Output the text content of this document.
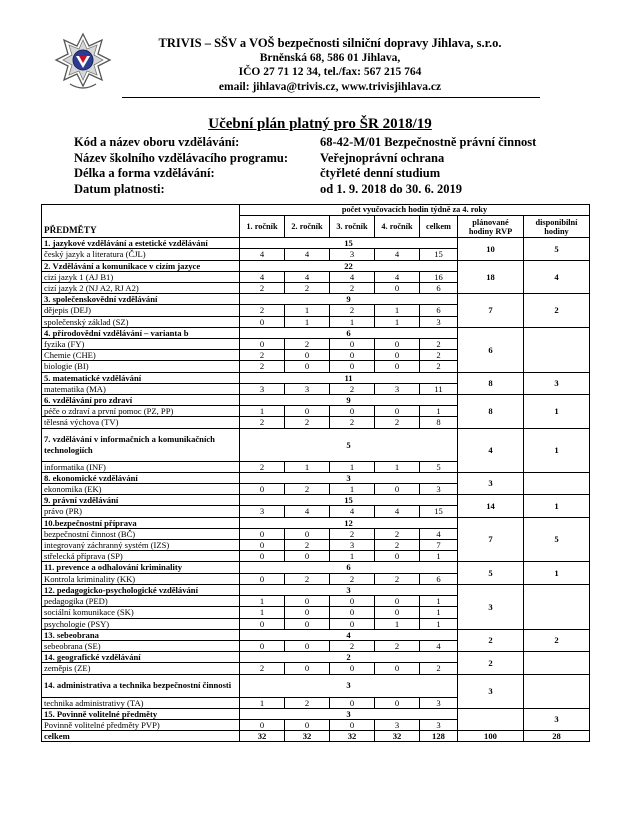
TRIVIS – SŠV a VOŠ bezpečnosti silniční dopravy Jihlava, s.r.o.
Brněnská 68, 586 01 Jihlava,
IČO 27 71 12 34, tel./fax: 567 215 764
email: jihlava@trivis.cz, www.trivisjihlava.cz
Učební plán platný pro ŠR 2018/19
Kód a název oboru vzdělávání:	68-42-M/01 Bezpečnostně právní činnost
Název školního vzdělávacího programu:	Veřejnoprávní ochrana
Délka a forma vzdělávání:	čtyřleté denní studium
Datum platnosti:	od 1. 9. 2018 do 30. 6. 2019
PŘEDMĚTY	počet vyučovacích hodin týdně za 4. roky						
	1. ročník	2. ročník	3. ročník	4. ročník	celkem	plánované hodiny RVP	disponibilní hodiny
1. jazykové vzdělávání a estetické vzdělávání	15					10	5
český jazyk a literatura (ČJL)	4	4	3	4	15		
2. Vzdělávání a komunikace v cizím jazyce	22					18	4
cizí jazyk 1 (AJ B1)	4	4	4	4	16		
cizí jazyk 2 (NJ A2, RJ A2)	2	2	2	0	6		
3. společenskovědní vzdělávání	9					7	2
dějepis (DEJ)	2	1	2	1	6		
společenský základ (SZ)	0	1	1	1	3		
4. přírodovědní vzdělávání – varianta b	6					6	
fyzika (FY)	0	2	0	0	2		
Chemie (CHE)	2	0	0	0	2		
biologie (BI)	2	0	0	0	2		
5. matematické vzdělávání	11					8	3
matematika (MA)	3	3	2	3	11		
6. vzdělávání pro zdraví	9					8	1
péče o zdraví a první pomoc (PZ, PP)	1	0	0	0	1		
tělesná výchova (TV)	2	2	2	2	8		
7. vzdělávání v informačních a komunikačních technologiích	5					4	1
informatika (INF)	2	1	1	1	5		
8. ekonomické vzdělávání	3					3	
ekonomika (EK)	0	2	1	0	3		
9. právní vzdělávání	15					14	1
právo (PR)	3	4	4	4	15		
10.bezpečnostní příprava	12					7	5
bezpečnostní činnost (BČ)	0	0	2	2	4		
integrovaný záchranný systém (IZS)	0	2	3	2	7		
střelecká příprava (SP)	0	0	1	0	1		
11. prevence a odhalování kriminality	6					5	1
Kontrola kriminality (KK)	0	2	2	2	6		
12. pedagogicko-psychologické vzdělávání	3					3	
pedagogika (PED)	1	0	0	0	1		
sociální komunikace (SK)	1	0	0	0	1		
psychologie (PSY)	0	0	0	1	1		
13. sebeobrana	4					2	2
sebeobrana (SE)	0	0	2	2	4		
14. geografické vzdělávání	2					2	
zeměpis (ZE)	2	0	0	0	2		
14. administrativa a technika bezpečnostní činnosti	3					3	
technika administrativy (TA)	1	2	0	0	3		
15. Povinně volitelné předměty	3						3
Povinně volitelné předměty PVP)	0	0	0	3	3		
celkem	32	32	32	32	128	100	28
